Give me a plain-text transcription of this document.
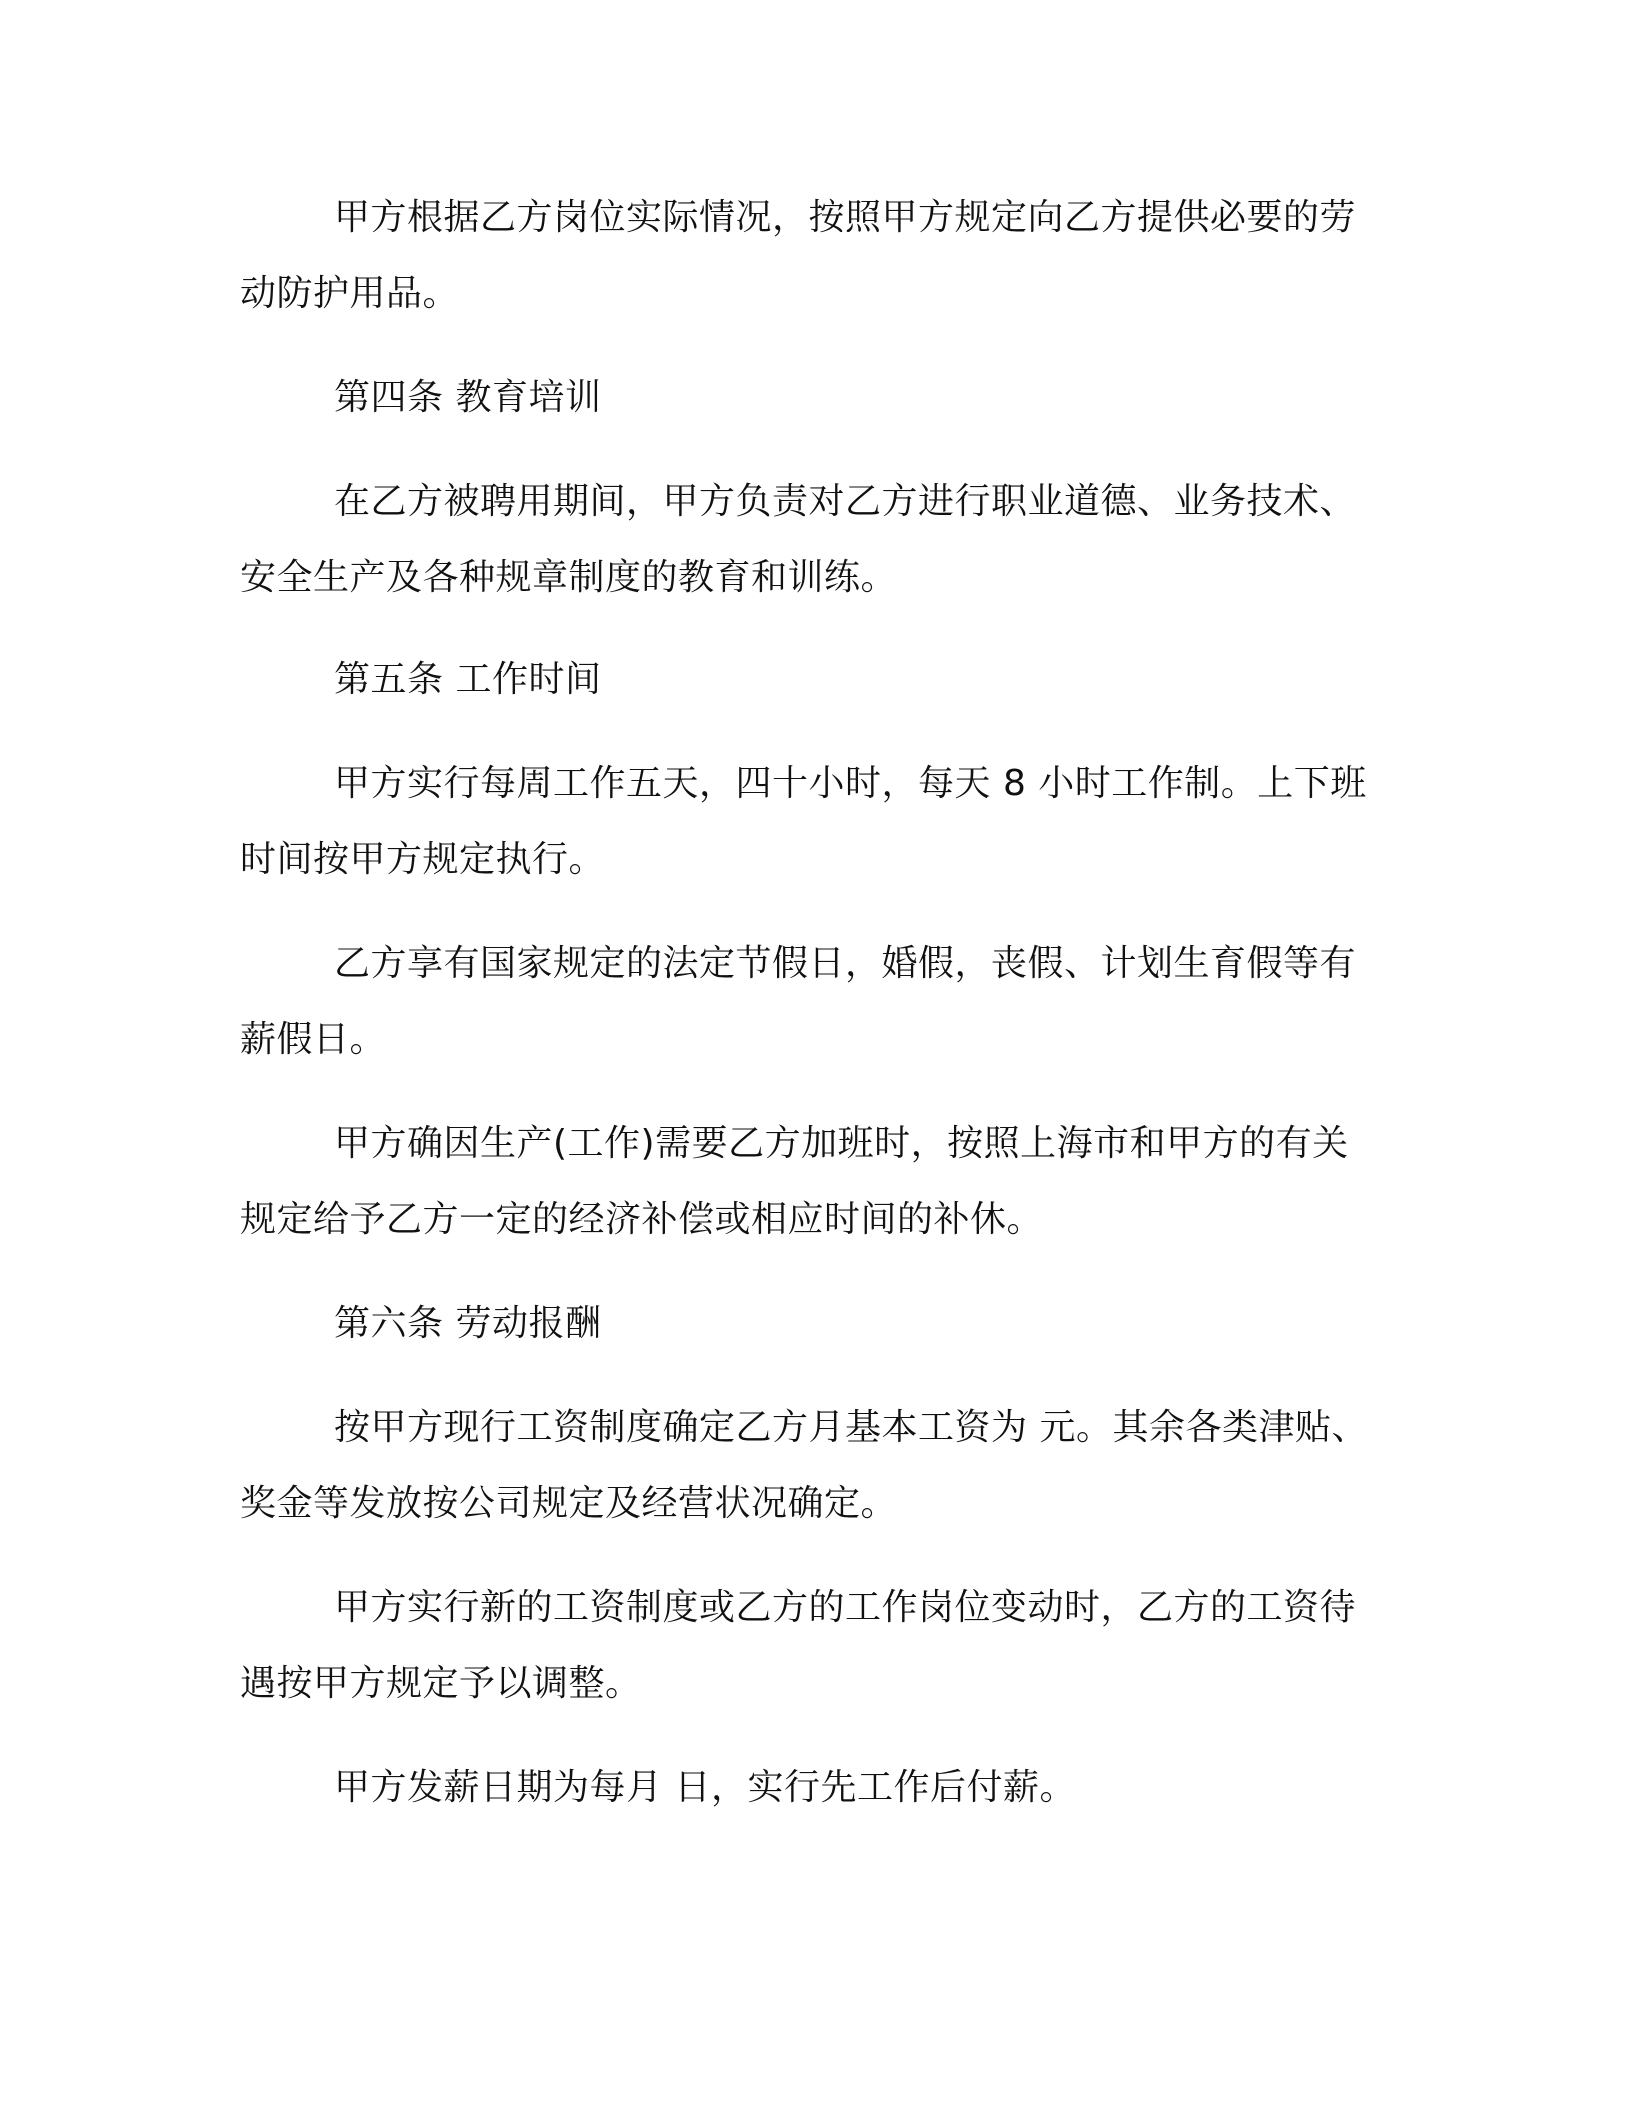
甲方根据乙方岗位实际情况，按照甲方规定向乙方提供必要的劳
动防护用品。
第四条 教育培训
在乙方被聘用期间，甲方负责对乙方进行职业道德、业务技术、
安全生产及各种规章制度的教育和训练。
第五条 工作时间
甲方实行每周工作五天，四十小时，每天 8 小时工作制。上下班
时间按甲方规定执行。
乙方享有国家规定的法定节假日，婚假，丧假、计划生育假等有
薪假日。
甲方确因生产(工作)需要乙方加班时，按照上海市和甲方的有关
规定给予乙方一定的经济补偿或相应时间的补休。
第六条 劳动报酬
按甲方现行工资制度确定乙方月基本工资为 元。其余各类津贴、
奖金等发放按公司规定及经营状况确定。
甲方实行新的工资制度或乙方的工作岗位变动时，乙方的工资待
遇按甲方规定予以调整。
甲方发薪日期为每月 日，实行先工作后付薪。
